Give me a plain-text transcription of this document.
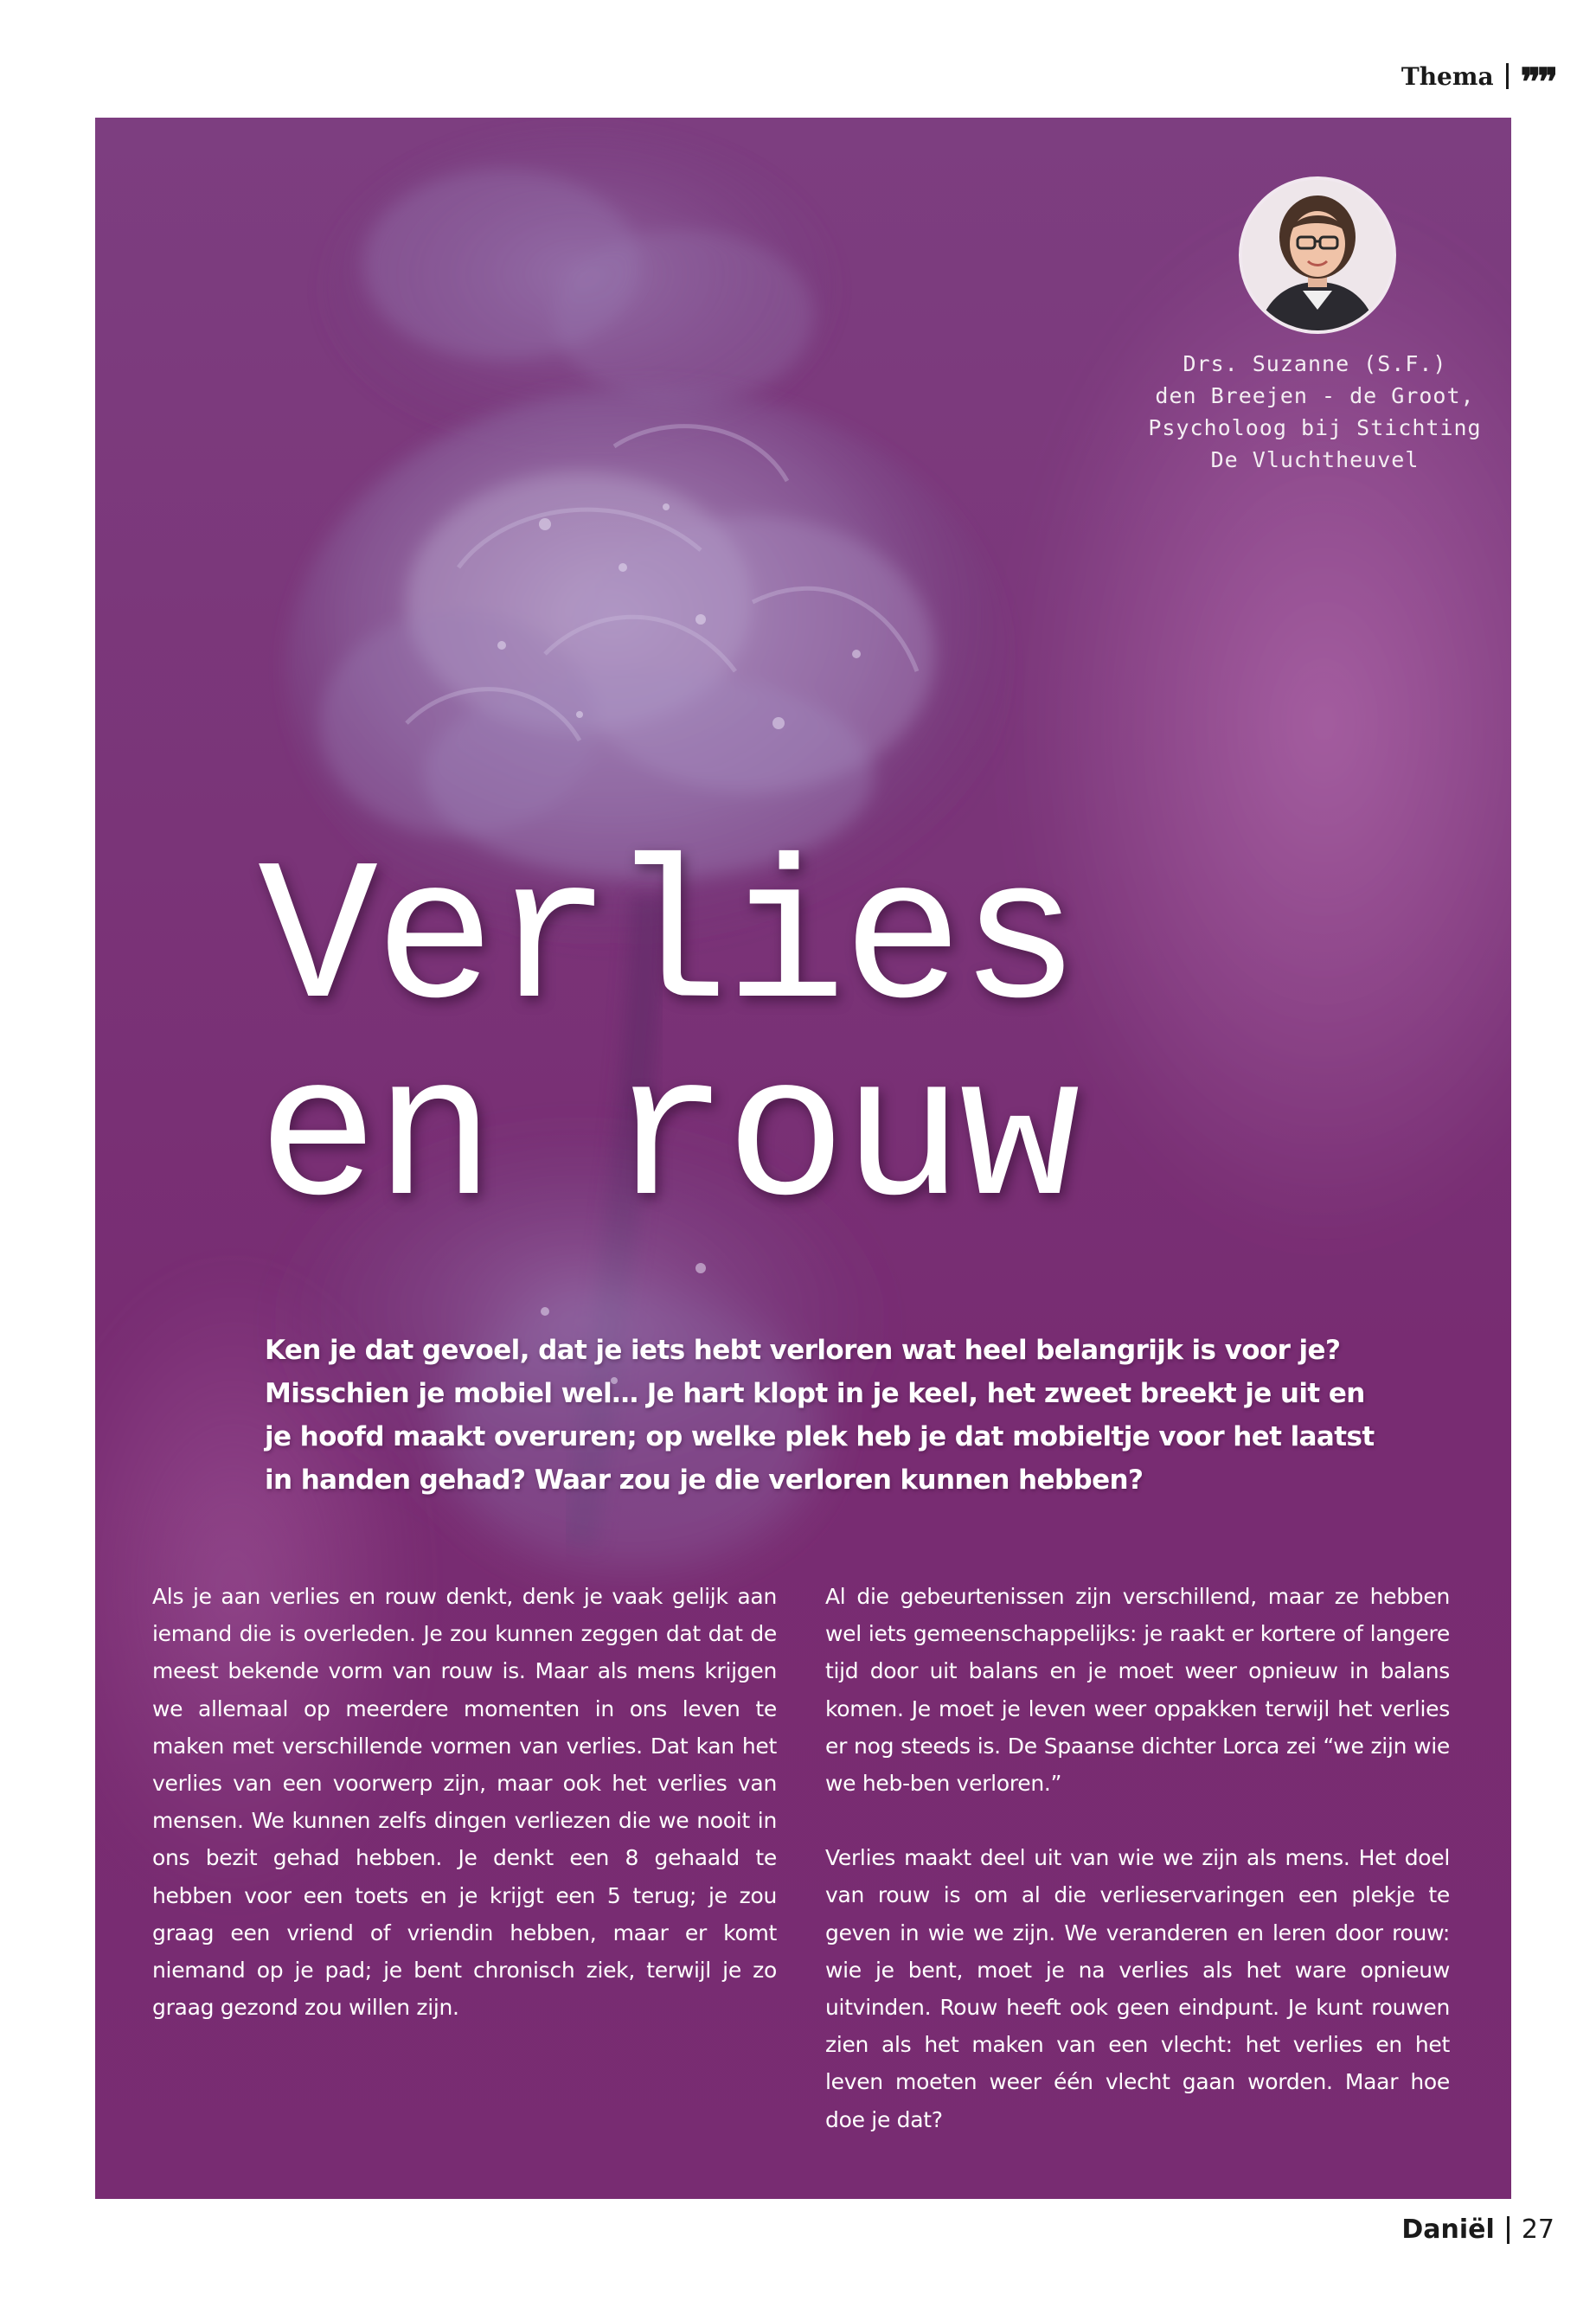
Thema ❞❞
Drs. Suzanne (S.F.)
den Breejen - de Groot,
Psycholoog bij Stichting
De Vluchtheuvel
Verlies
en rouw
Ken je dat gevoel, dat je iets hebt verloren wat heel belangrijk is voor je?
Misschien je mobiel wel… Je hart klopt in je keel, het zweet breekt je uit en
je hoofd maakt overuren; op welke plek heb je dat mobieltje voor het laatst
in handen gehad? Waar zou je die verloren kunnen hebben?

Als je aan verlies en rouw denkt, denk je vaak gelijk aan iemand die is overleden. Je zou kunnen zeggen dat dat de meest bekende vorm van rouw is. Maar als mens krijgen we allemaal op meerdere momenten in ons leven te maken met verschillende vormen van verlies. Dat kan het verlies van een voorwerp zijn, maar ook het verlies van mensen. We kunnen zelfs dingen verliezen die we nooit in ons bezit gehad hebben. Je denkt een 8 gehaald te hebben voor een toets en je krijgt een 5 terug; je zou graag een vriend of vriendin hebben, maar er komt niemand op je pad; je bent chronisch ziek, terwijl je zo graag gezond zou willen zijn.

Al die gebeurtenissen zijn verschillend, maar ze hebben wel iets gemeenschappelijks: je raakt er kortere of langere tijd door uit balans en je moet weer opnieuw in balans komen. Je moet je leven weer oppakken terwijl het verlies er nog steeds is. De Spaanse dichter Lorca zei “we zijn wie we heb-ben verloren.”

Verlies maakt deel uit van wie we zijn als mens. Het doel van rouw is om al die verlieservaringen een plekje te geven in wie we zijn. We veranderen en leren door rouw: wie je bent, moet je na verlies als het ware opnieuw uitvinden. Rouw heeft ook geen eindpunt. Je kunt rouwen zien als het maken van een vlecht: het verlies en het leven moeten weer één vlecht gaan worden. Maar hoe doe je dat?

Daniël 27
